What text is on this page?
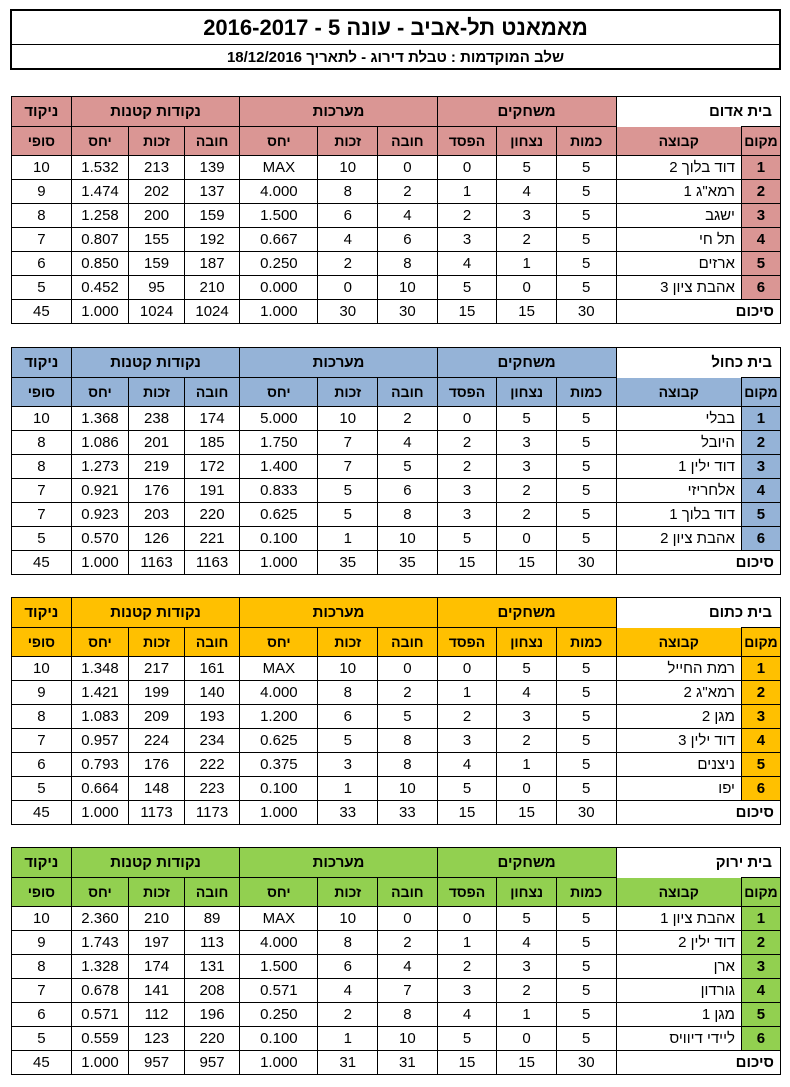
מאמאנט תל-אביב - עונה 5 - 2016-2017
שלב המוקדמות : טבלת דירוג - לתאריך 18/12/2016
בית אדום		משחקים			מערכות			נקודות קטנות			ניקוד
מקום	קבוצה	כמות	נצחון	הפסד	חובה	זכות	יחס	חובה	זכות	יחס	סופי
1	דוד בלוך 2	5	5	0	0	10	MAX	139	213	1.532	10
2	רמא"ג 1	5	4	1	2	8	4.000	137	202	1.474	9
3	ישגב	5	3	2	4	6	1.500	159	200	1.258	8
4	תל חי	5	2	3	6	4	0.667	192	155	0.807	7
5	ארזים	5	1	4	8	2	0.250	187	159	0.850	6
6	אהבת ציון 3	5	0	5	10	0	0.000	210	95	0.452	5
סיכום		30	15	15	30	30	1.000	1024	1024	1.000	45
בית כחול		משחקים			מערכות			נקודות קטנות			ניקוד
מקום	קבוצה	כמות	נצחון	הפסד	חובה	זכות	יחס	חובה	זכות	יחס	סופי
1	בבלי	5	5	0	2	10	5.000	174	238	1.368	10
2	היובל	5	3	2	4	7	1.750	185	201	1.086	8
3	דוד ילין 1	5	3	2	5	7	1.400	172	219	1.273	8
4	אלחריזי	5	2	3	6	5	0.833	191	176	0.921	7
5	דוד בלוך 1	5	2	3	8	5	0.625	220	203	0.923	7
6	אהבת ציון 2	5	0	5	10	1	0.100	221	126	0.570	5
סיכום		30	15	15	35	35	1.000	1163	1163	1.000	45
בית כתום		משחקים			מערכות			נקודות קטנות			ניקוד
מקום	קבוצה	כמות	נצחון	הפסד	חובה	זכות	יחס	חובה	זכות	יחס	סופי
1	רמת החייל	5	5	0	0	10	MAX	161	217	1.348	10
2	רמא"ג 2	5	4	1	2	8	4.000	140	199	1.421	9
3	מגן 2	5	3	2	5	6	1.200	193	209	1.083	8
4	דוד ילין 3	5	2	3	8	5	0.625	234	224	0.957	7
5	ניצנים	5	1	4	8	3	0.375	222	176	0.793	6
6	יפו	5	0	5	10	1	0.100	223	148	0.664	5
סיכום		30	15	15	33	33	1.000	1173	1173	1.000	45
בית ירוק		משחקים			מערכות			נקודות קטנות			ניקוד
מקום	קבוצה	כמות	נצחון	הפסד	חובה	זכות	יחס	חובה	זכות	יחס	סופי
1	אהבת ציון 1	5	5	0	0	10	MAX	89	210	2.360	10
2	דוד ילין 2	5	4	1	2	8	4.000	113	197	1.743	9
3	ארן	5	3	2	4	6	1.500	131	174	1.328	8
4	גורדון	5	2	3	7	4	0.571	208	141	0.678	7
5	מגן 1	5	1	4	8	2	0.250	196	112	0.571	6
6	ליידי דיוויס	5	0	5	10	1	0.100	220	123	0.559	5
סיכום		30	15	15	31	31	1.000	957	957	1.000	45
